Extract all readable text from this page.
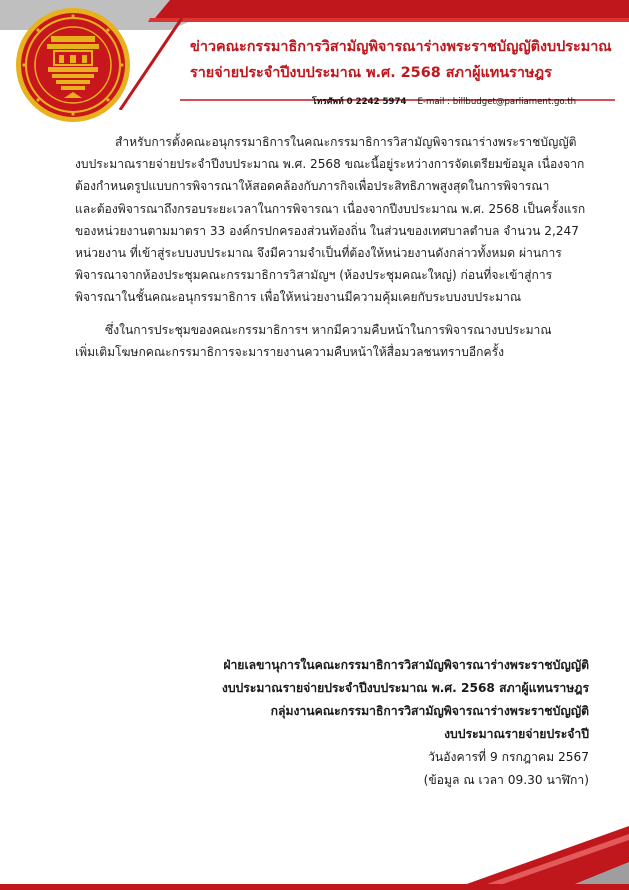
ข่าวคณะกรรมาธิการวิสามัญพิจารณาร่างพระราชบัญญัติงบประมาณ
รายจ่ายประจำปีงบประมาณ พ.ศ. 2568 สภาผู้แทนราษฎร
โทรศัพท์ 0 2242 5974 E-mail : billbudget@parliament.go.th

สำหรับการตั้งคณะอนุกรรมาธิการในคณะกรรมาธิการวิสามัญพิจารณาร่างพระราชบัญญัติ
งบประมาณรายจ่ายประจำปีงบประมาณ พ.ศ. 2568 ขณะนี้อยู่ระหว่างการจัดเตรียมข้อมูล เนื่องจาก
ต้องกำหนดรูปแบบการพิจารณาให้สอดคล้องกับภารกิจเพื่อประสิทธิภาพสูงสุดในการพิจารณา
และต้องพิจารณาถึงกรอบระยะเวลาในการพิจารณา เนื่องจากปีงบประมาณ พ.ศ. 2568 เป็นครั้งแรก
ของหน่วยงานตามมาตรา 33 องค์กรปกครองส่วนท้องถิ่น ในส่วนของเทศบาลตำบล จำนวน 2,247
หน่วยงาน ที่เข้าสู่ระบบงบประมาณ จึงมีความจำเป็นที่ต้องให้หน่วยงานดังกล่าวทั้งหมด ผ่านการ
พิจารณาจากห้องประชุมคณะกรรมาธิการวิสามัญฯ (ห้องประชุมคณะใหญ่) ก่อนที่จะเข้าสู่การ
พิจารณาในชั้นคณะอนุกรรมาธิการ เพื่อให้หน่วยงานมีความคุ้มเคยกับระบบงบประมาณ

ซึ่งในการประชุมของคณะกรรมาธิการฯ หากมีความคืบหน้าในการพิจารณางบประมาณ
เพิ่มเติมโฆษกคณะกรรมาธิการจะมารายงานความคืบหน้าให้สื่อมวลชนทราบอีกครั้ง

ฝ่ายเลขานุการในคณะกรรมาธิการวิสามัญพิจารณาร่างพระราชบัญญัติ
งบประมาณรายจ่ายประจำปีงบประมาณ พ.ศ. 2568 สภาผู้แทนราษฎร
กลุ่มงานคณะกรรมาธิการวิสามัญพิจารณาร่างพระราชบัญญัติ
งบประมาณรายจ่ายประจำปี
วันอังคารที่ 9 กรกฎาคม 2567
(ข้อมูล ณ เวลา 09.30 นาฬิกา)
